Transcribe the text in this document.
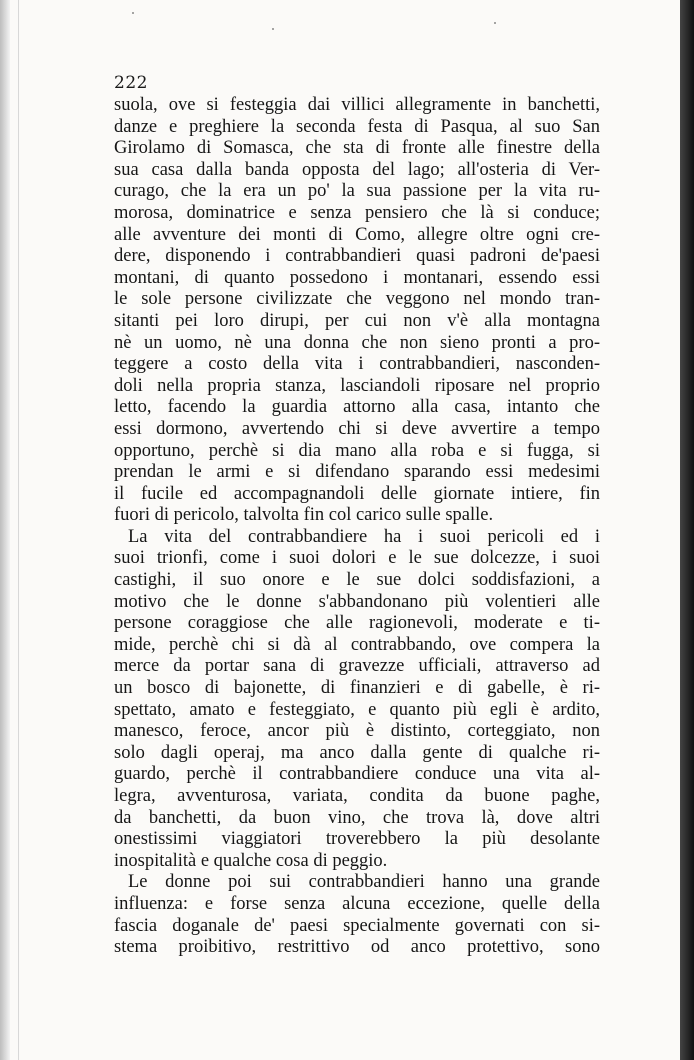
222
suola, ove si festeggia dai villici allegramente in banchetti,
danze e preghiere la seconda festa di Pasqua, al suo San
Girolamo di Somasca, che sta di fronte alle finestre della
sua casa dalla banda opposta del lago; all'osteria di Ver-
curago, che la era un po' la sua passione per la vita ru-
morosa, dominatrice e senza pensiero che là si conduce;
alle avventure dei monti di Como, allegre oltre ogni cre-
dere, disponendo i contrabbandieri quasi padroni de'paesi
montani, di quanto possedono i montanari, essendo essi
le sole persone civilizzate che veggono nel mondo tran-
sitanti pei loro dirupi, per cui non v'è alla montagna
nè un uomo, nè una donna che non sieno pronti a pro-
teggere a costo della vita i contrabbandieri, nasconden-
doli nella propria stanza, lasciandoli riposare nel proprio
letto, facendo la guardia attorno alla casa, intanto che
essi dormono, avvertendo chi si deve avvertire a tempo
opportuno, perchè si dia mano alla roba e si fugga, si
prendan le armi e si difendano sparando essi medesimi
il fucile ed accompagnandoli delle giornate intiere, fin
fuori di pericolo, talvolta fin col carico sulle spalle.
La vita del contrabbandiere ha i suoi pericoli ed i
suoi trionfi, come i suoi dolori e le sue dolcezze, i suoi
castighi, il suo onore e le sue dolci soddisfazioni, a
motivo che le donne s'abbandonano più volentieri alle
persone coraggiose che alle ragionevoli, moderate e ti-
mide, perchè chi si dà al contrabbando, ove compera la
merce da portar sana di gravezze ufficiali, attraverso ad
un bosco di bajonette, di finanzieri e di gabelle, è ri-
spettato, amato e festeggiato, e quanto più egli è ardito,
manesco, feroce, ancor più è distinto, corteggiato, non
solo dagli operaj, ma anco dalla gente di qualche ri-
guardo, perchè il contrabbandiere conduce una vita al-
legra, avventurosa, variata, condita da buone paghe,
da banchetti, da buon vino, che trova là, dove altri
onestissimi viaggiatori troverebbero la più desolante
inospitalità e qualche cosa di peggio.
Le donne poi sui contrabbandieri hanno una grande
influenza: e forse senza alcuna eccezione, quelle della
fascia doganale de' paesi specialmente governati con si-
stema proibitivo, restrittivo od anco protettivo, sono
